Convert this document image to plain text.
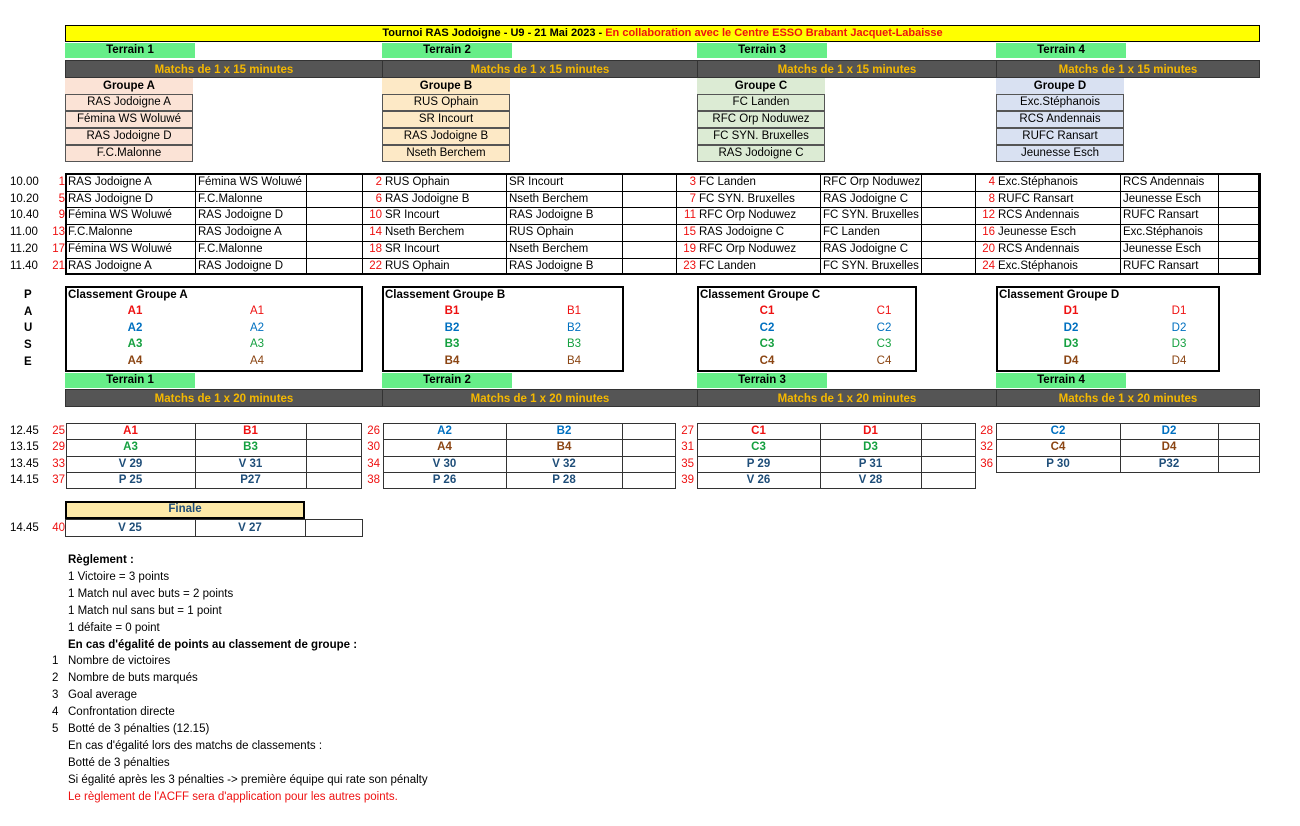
Tournoi RAS Jodoigne - U9 - 21 Mai 2023 - En collaboration avec le Centre ESSO Brabant Jacquet-Labaisse
Terrain 1
Matchs de 1 x 15 minutes
Terrain 2
Matchs de 1 x 15 minutes
Terrain 3
Matchs de 1 x 15 minutes
Terrain 4
Matchs de 1 x 15 minutes
Groupe A
RAS Jodoigne A
Fémina WS Woluwé
RAS Jodoigne D
F.C.Malonne
Groupe B
RUS Ophain
SR Incourt
RAS Jodoigne B
Nseth Berchem
Groupe C
FC Landen
RFC Orp Noduwez
FC SYN. Bruxelles
RAS Jodoigne C
Groupe D
Exc.Stéphanois
RCS Andennais
RUFC Ransart
Jeunesse Esch
10.00	1 RAS Jodoigne A	Fémina WS Woluwé	2 RUS Ophain	SR Incourt	3 FC Landen	RFC Orp Noduwez	4 Exc.Stéphanois	RCS Andennais
10.20	5 RAS Jodoigne D	F.C.Malonne	6 RAS Jodoigne B	Nseth Berchem	7 FC SYN. Bruxelles	RAS Jodoigne C	8 RUFC Ransart	Jeunesse Esch
10.40	9 Fémina WS Woluwé	RAS Jodoigne D	10 SR Incourt	RAS Jodoigne B	11 RFC Orp Noduwez	FC SYN. Bruxelles	12 RCS Andennais	RUFC Ransart
11.00	13 F.C.Malonne	RAS Jodoigne A	14 Nseth Berchem	RUS Ophain	15 RAS Jodoigne C	FC Landen	16 Jeunesse Esch	Exc.Stéphanois
11.20	17 Fémina WS Woluwé	F.C.Malonne	18 SR Incourt	Nseth Berchem	19 RFC Orp Noduwez	RAS Jodoigne C	20 RCS Andennais	Jeunesse Esch
11.40	21 RAS Jodoigne A	RAS Jodoigne D	22 RUS Ophain	RAS Jodoigne B	23 FC Landen	FC SYN. Bruxelles	24 Exc.Stéphanois	RUFC Ransart
P
A
U
S
E
Classement Groupe A
A1	A1
A2	A2
A3	A3
A4	A4
Classement Groupe B
B1	B1
B2	B2
B3	B3
B4	B4
Classement Groupe C
C1	C1
C2	C2
C3	C3
C4	C4
Classement Groupe D
D1	D1
D2	D2
D3	D3
D4	D4
Terrain 1
Matchs de 1 x 20 minutes
Terrain 2
Matchs de 1 x 20 minutes
Terrain 3
Matchs de 1 x 20 minutes
Terrain 4
Matchs de 1 x 20 minutes
12.45	25	A1	B1	26	A2	B2	27	C1	D1	28	C2	D2
13.15	29	A3	B3	30	A4	B4	31	C3	D3	32	C4	D4
13.45	33	V 29	V 31	34	V 30	V 32	35	P 29	P 31	36	P 30	P32
14.15	37	P 25	P27	38	P 26	P 28	39	V 26	V 28
Finale
14.45	40	V 25	V 27
Règlement :
1 Victoire = 3 points
1 Match nul avec buts = 2 points
1 Match nul sans but = 1 point
1 défaite = 0 point
En cas d'égalité de points au classement de groupe :
1 Nombre de victoires
2 Nombre de buts marqués
3 Goal average
4 Confrontation directe
5 Botté de 3 pénalties (12.15)
En cas d'égalité lors des matchs de classements :
Botté de 3 pénalties
Si égalité après les 3 pénalties -> première équipe qui rate son pénalty
Le règlement de l'ACFF sera d'application pour les autres points.
